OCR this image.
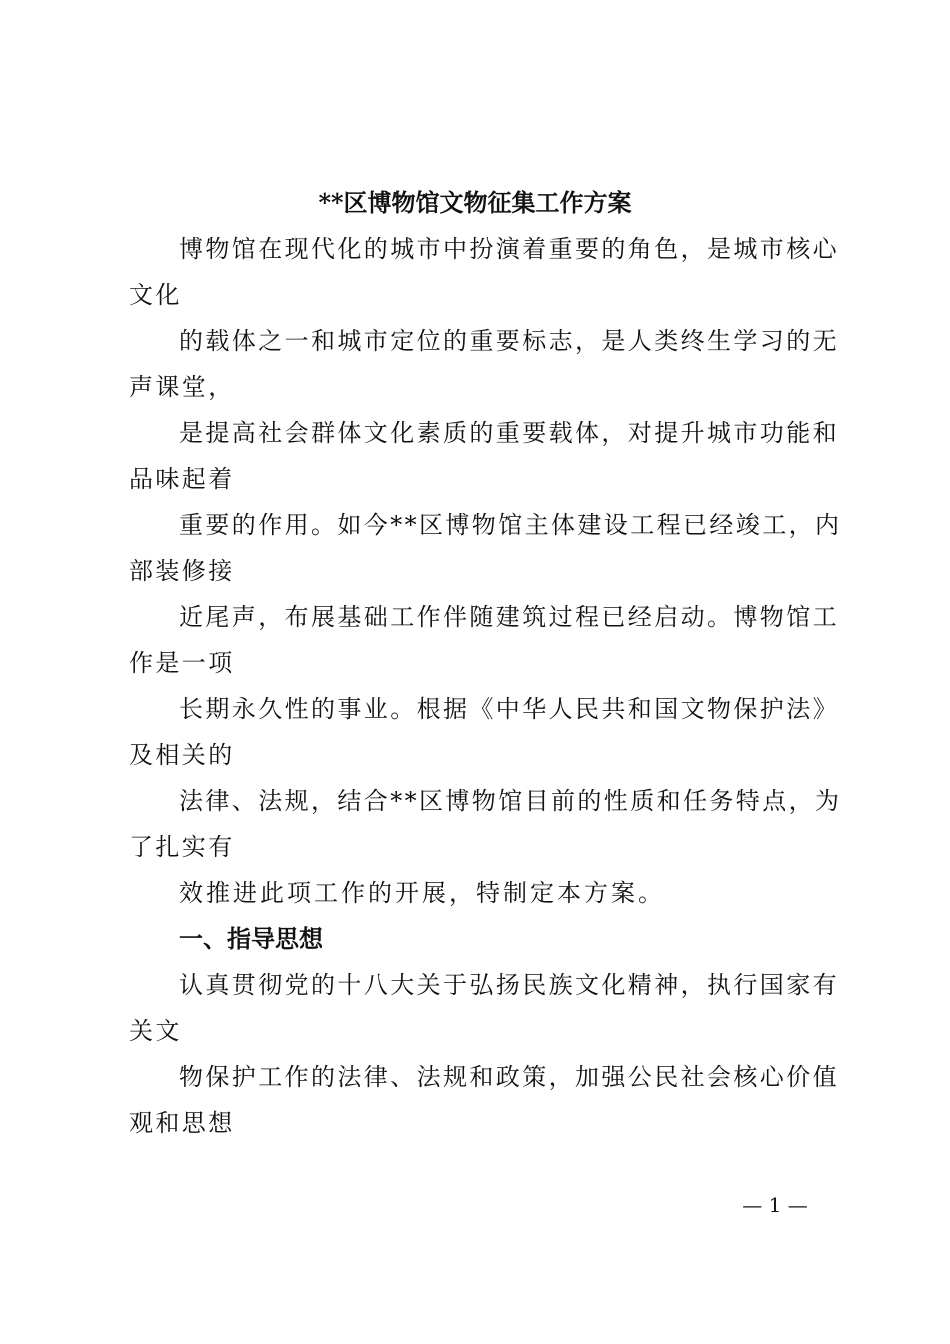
**区博物馆文物征集工作方案
博物馆在现代化的城市中扮演着重要的角色，是城市核心
文化
的载体之一和城市定位的重要标志，是人类终生学习的无
声课堂，
是提高社会群体文化素质的重要载体，对提升城市功能和
品味起着
重要的作用。如今**区博物馆主体建设工程已经竣工，内
部装修接
近尾声，布展基础工作伴随建筑过程已经启动。博物馆工
作是一项
长期永久性的事业。根据《中华人民共和国文物保护法》
及相关的
法律、法规，结合**区博物馆目前的性质和任务特点，为
了扎实有
效推进此项工作的开展，特制定本方案。
一、指导思想
认真贯彻党的十八大关于弘扬民族文化精神，执行国家有
关文
物保护工作的法律、法规和政策，加强公民社会核心价值
观和思想
— 1 —
